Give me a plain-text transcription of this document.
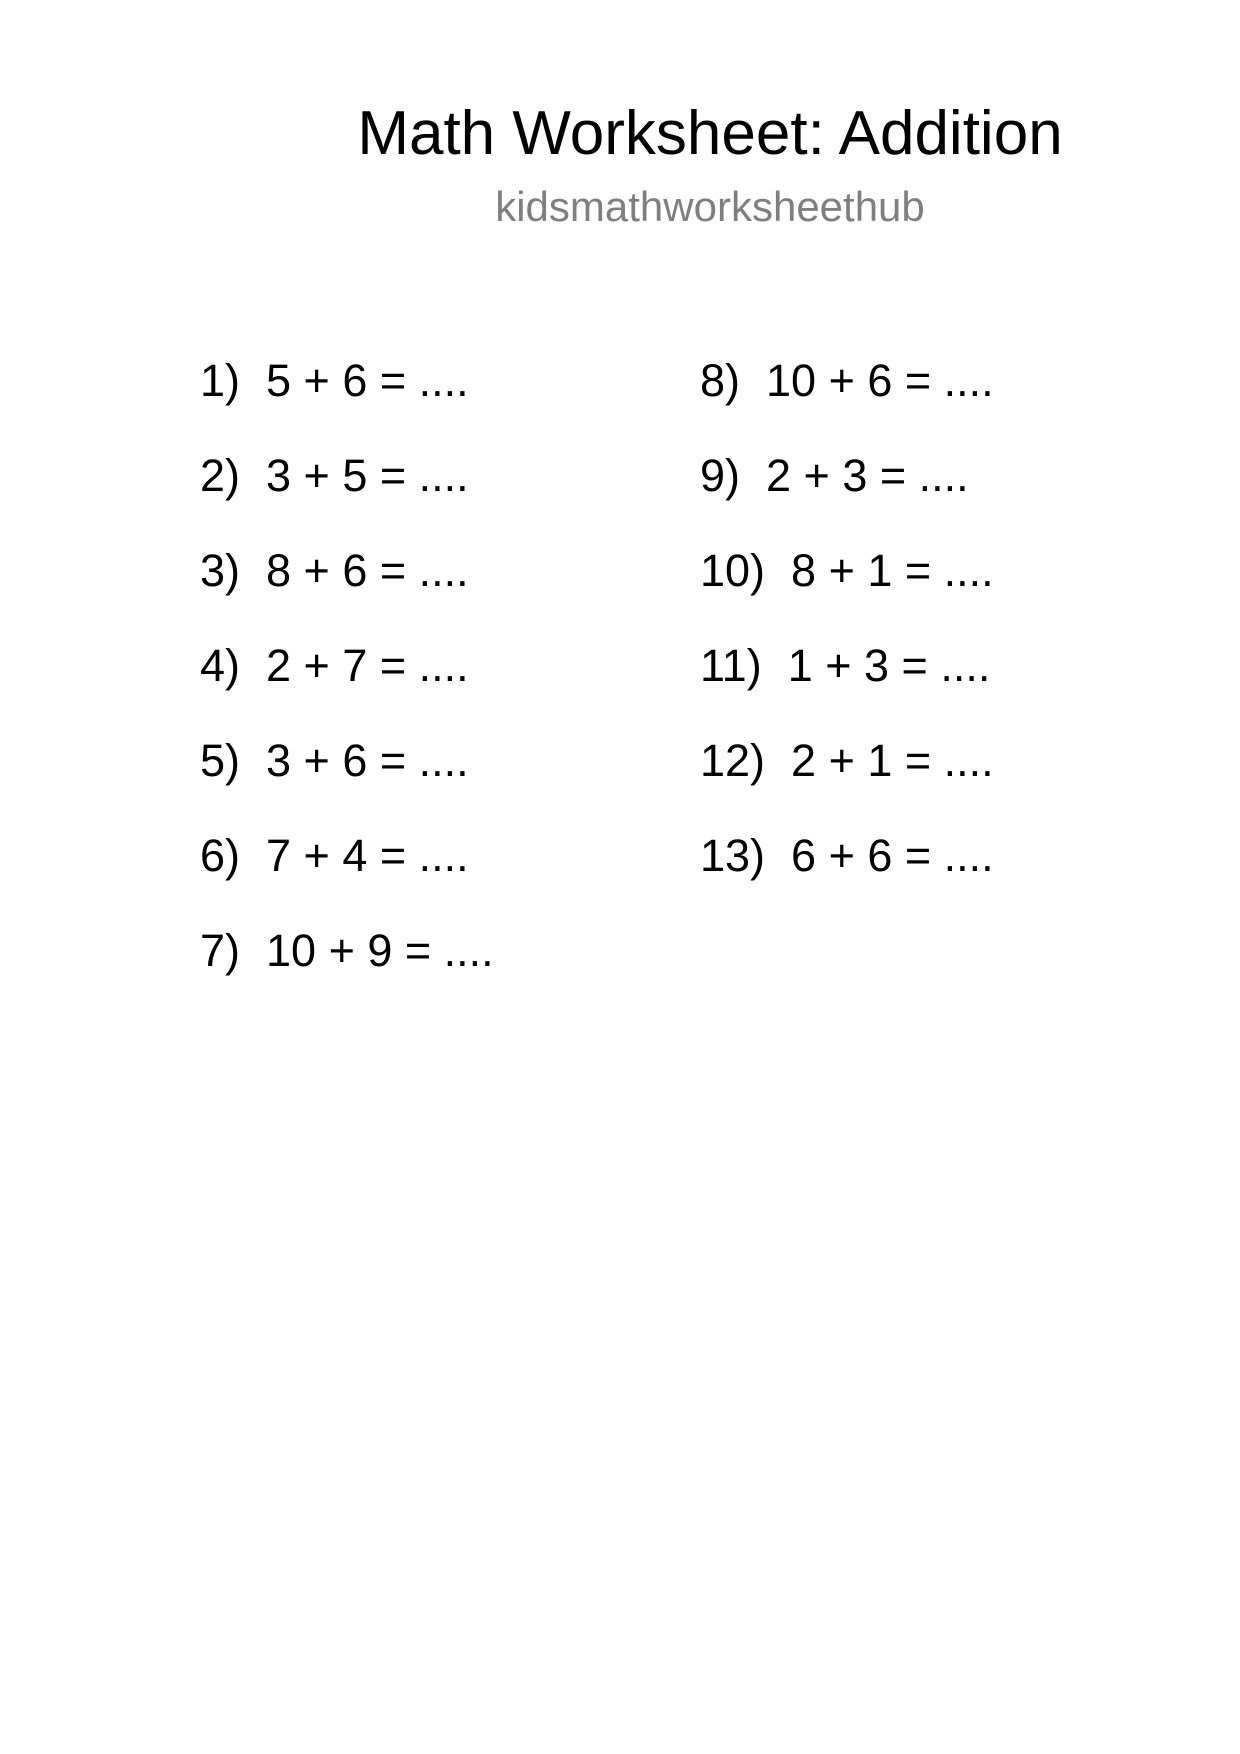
Math Worksheet: Addition
kidsmathworksheethub
1) 5 + 6 = ....
2) 3 + 5 = ....
3) 8 + 6 = ....
4) 2 + 7 = ....
5) 3 + 6 = ....
6) 7 + 4 = ....
7) 10 + 9 = ....
8) 10 + 6 = ....
9) 2 + 3 = ....
10) 8 + 1 = ....
11) 1 + 3 = ....
12) 2 + 1 = ....
13) 6 + 6 = ....
